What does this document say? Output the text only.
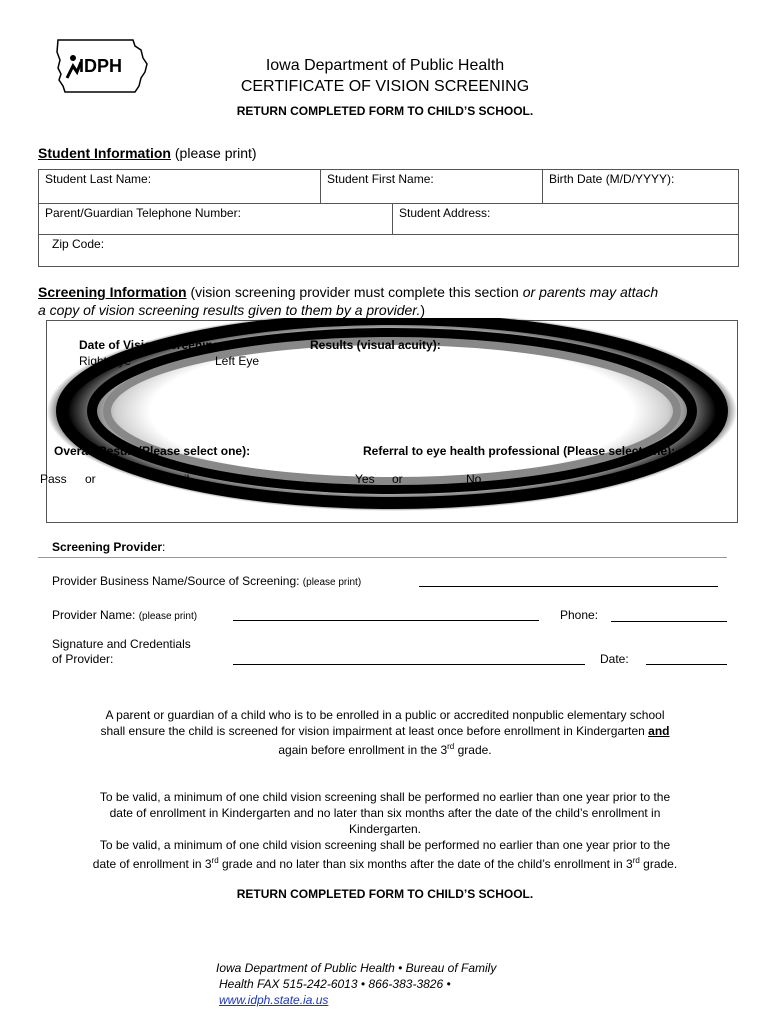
IDPH	Iowa Department of Public Health
CERTIFICATE OF VISION SCREENING
RETURN COMPLETED FORM TO CHILD’S SCHOOL.
Student Information (please print)
Student Last Name:	Student First Name:	Birth Date (M/D/YYYY):
Parent/Guardian Telephone Number:	Student Address:
Zip Code:
Screening Information (vision screening provider must complete this section or parents may attach
a copy of vision screening results given to them by a provider.)
Date of Vision Screening:	Results (visual acuity):
Right Eye	Left Eye
Overall Result (Please select one):	Referral to eye health professional (Please select one):
Pass or	Fail	Yes or	No
Screening Provider:
Provider Business Name/Source of Screening: (please print)
Provider Name: (please print)	Phone:
Signature and Credentials
of Provider:	Date:
A parent or guardian of a child who is to be enrolled in a public or accredited nonpublic elementary school
shall ensure the child is screened for vision impairment at least once before enrollment in Kindergarten and
again before enrollment in the 3rd grade.
To be valid, a minimum of one child vision screening shall be performed no earlier than one year prior to the
date of enrollment in Kindergarten and no later than six months after the date of the child’s enrollment in
Kindergarten.
To be valid, a minimum of one child vision screening shall be performed no earlier than one year prior to the
date of enrollment in 3rd grade and no later than six months after the date of the child’s enrollment in 3rd grade.
RETURN COMPLETED FORM TO CHILD’S SCHOOL.
Iowa Department of Public Health • Bureau of Family
Health FAX 515-242-6013 • 866-383-3826 •
www.idph.state.ia.us
